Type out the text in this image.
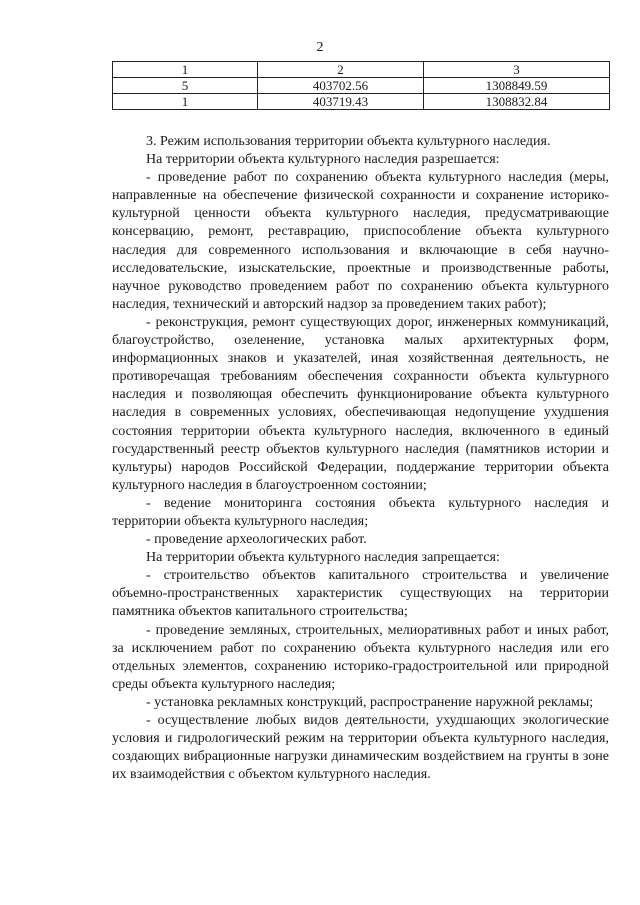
2
1	2	3
5	403702.56	1308849.59
1	403719.43	1308832.84

3. Режим использования территории объекта культурного наследия.

На территории объекта культурного наследия разрешается:

- проведение работ по сохранению объекта культурного наследия (меры, направленные на обеспечение физической сохранности и сохранение историко-культурной ценности объекта культурного наследия, предусматривающие консервацию, ремонт, реставрацию, приспособление объекта культурного наследия для современного использования и включающие в себя научно-исследовательские, изыскательские, проектные и производственные работы, научное руководство проведением работ по сохранению объекта культурного наследия, технический и авторский надзор за проведением таких работ);

- реконструкция, ремонт существующих дорог, инженерных коммуникаций, благоустройство, озеленение, установка малых архитектурных форм, информационных знаков и указателей, иная хозяйственная деятельность, не противоречащая требованиям обеспечения сохранности объекта культурного наследия и позволяющая обеспечить функционирование объекта культурного наследия в современных условиях, обеспечивающая недопущение ухудшения состояния территории объекта культурного наследия, включенного в единый государственный реестр объектов культурного наследия (памятников истории и культуры) народов Российской Федерации, поддержание территории объекта культурного наследия в благоустроенном состоянии;

- ведение мониторинга состояния объекта культурного наследия и территории объекта культурного наследия;

- проведение археологических работ.

На территории объекта культурного наследия запрещается:

- строительство объектов капитального строительства и увеличение объемно-пространственных характеристик существующих на территории памятника объектов капитального строительства;

- проведение земляных, строительных, мелиоративных работ и иных работ, за исключением работ по сохранению объекта культурного наследия или его отдельных элементов, сохранению историко-градостроительной или природной среды объекта культурного наследия;

- установка рекламных конструкций, распространение наружной рекламы;

- осуществление любых видов деятельности, ухудшающих экологические условия и гидрологический режим на территории объекта культурного наследия, создающих вибрационные нагрузки динамическим воздействием на грунты в зоне их взаимодействия с объектом культурного наследия.
